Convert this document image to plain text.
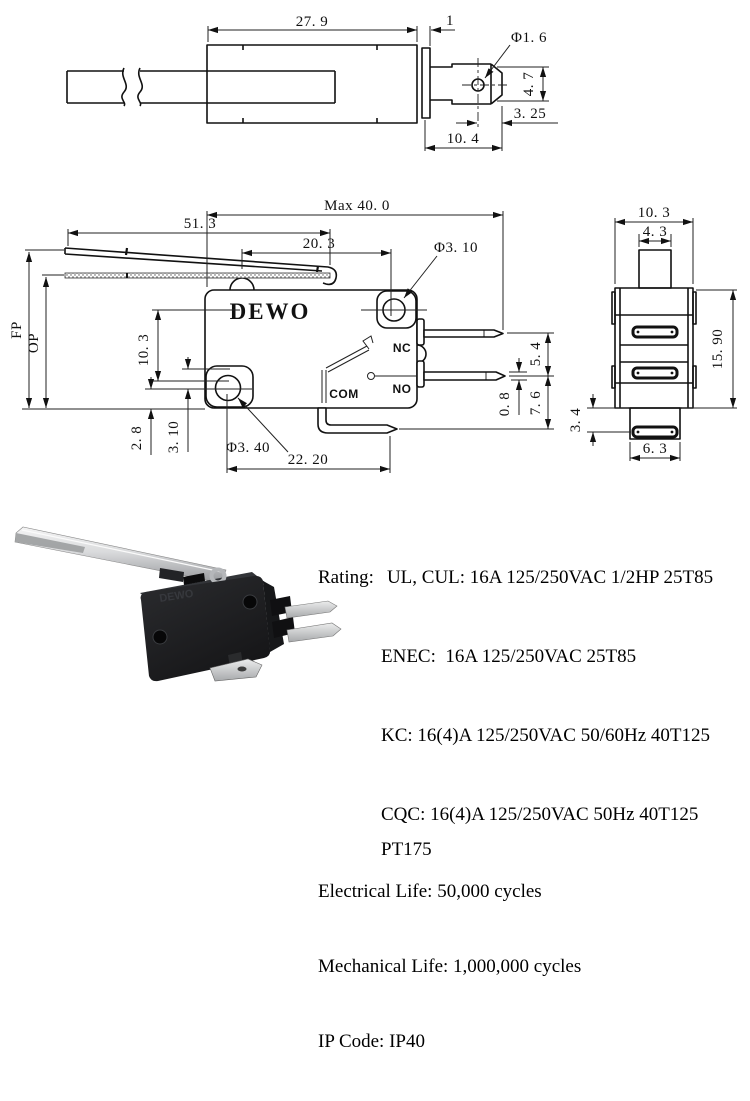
27. 9	1
Φ1. 6
4. 7
3. 25
10. 4
DEWO
NC
NO
COM
Max 40. 0
51. 3
20. 3	Φ3. 10
FP
OP	10. 3
3. 10
2. 8	Φ3. 40
22. 20
5. 4
0. 8 7. 6
10. 3
4. 3
15. 90
3. 4
6. 3
DEWO

Rating: UL, CUL: 16A 125/250VAC 1/2HP 25T85

ENEC:  16A 125/250VAC 25T85

KC: 16(4)A 125/250VAC 50/60Hz 40T125

CQC: 16(4)A 125/250VAC 50Hz 40T125 PT175

Electrical Life: 50,000 cycles

Mechanical Life: 1,000,000 cycles

IP Code: IP40
